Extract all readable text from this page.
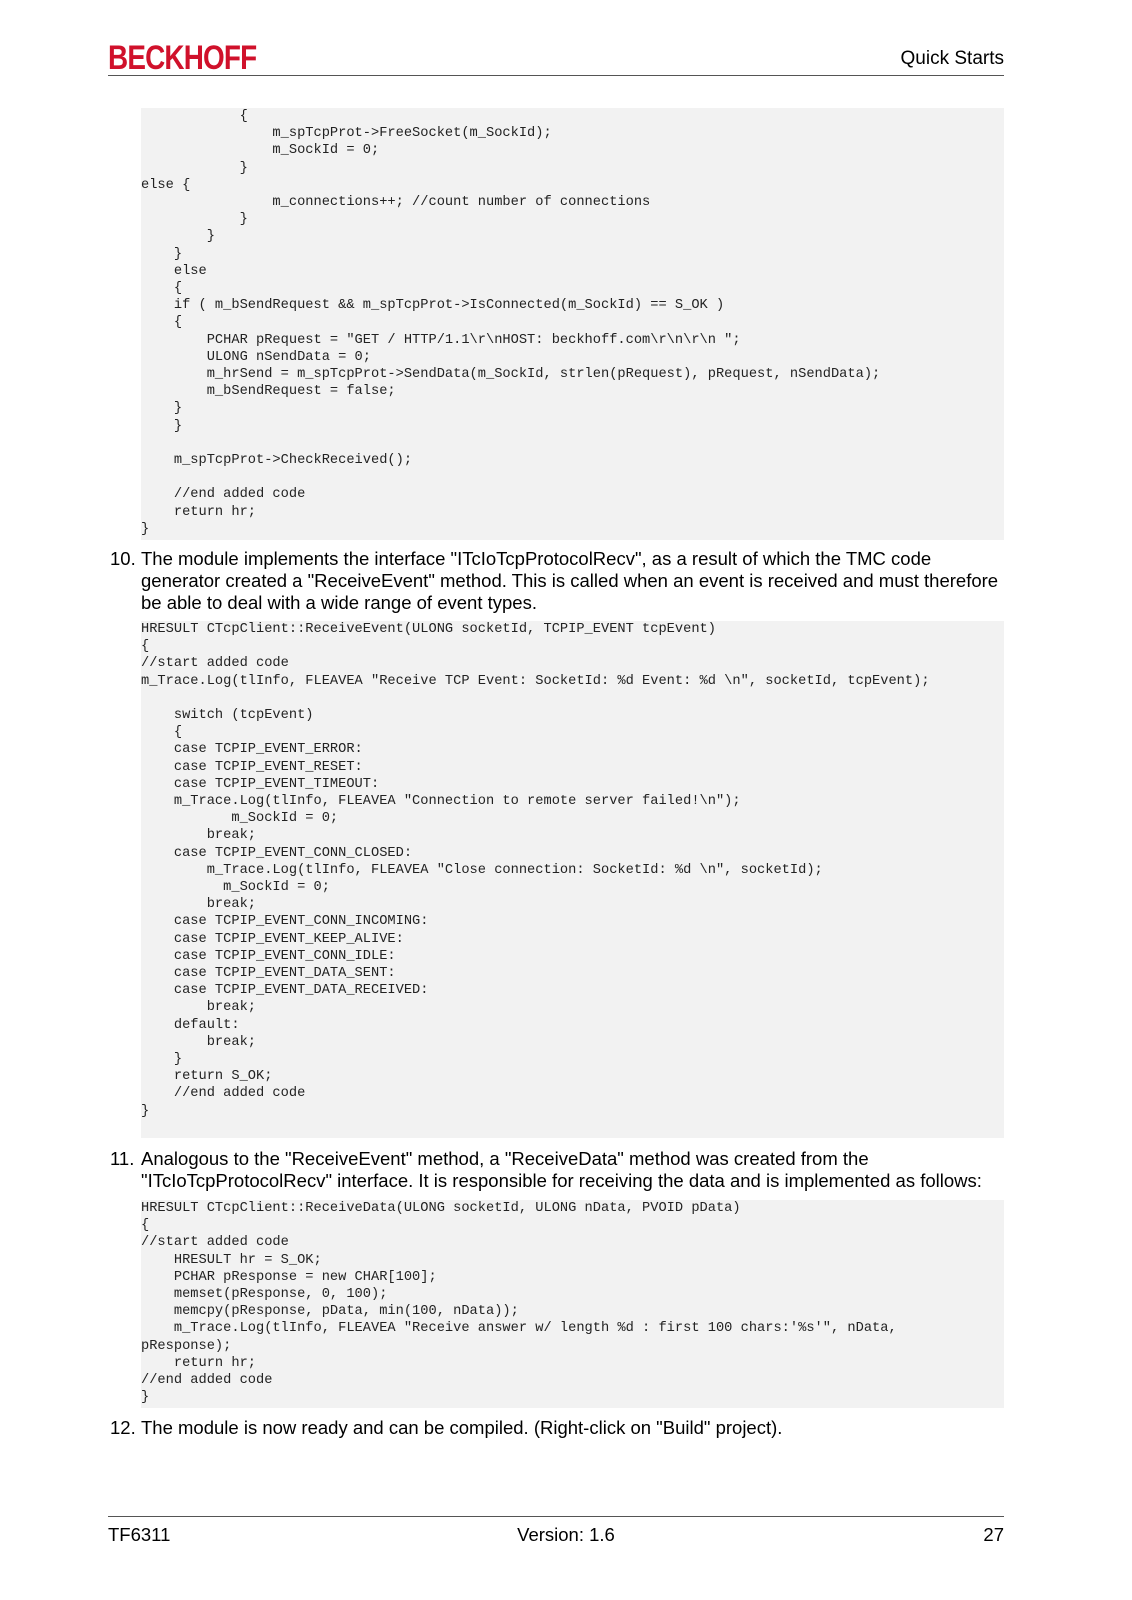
BECKHOFF	Quick Starts
{
m_spTcpProt->FreeSocket(m_SockId);
m_SockId = 0;
}
else {
m_connections++; //count number of connections
}
}
}
else
{
if ( m_bSendRequest && m_spTcpProt->IsConnected(m_SockId) == S_OK )
{
PCHAR pRequest = "GET / HTTP/1.1\r\nHOST: beckhoff.com\r\n\r\n ";
ULONG nSendData = 0;
m_hrSend = m_spTcpProt->SendData(m_SockId, strlen(pRequest), pRequest, nSendData);
m_bSendRequest = false;
}
}

m_spTcpProt->CheckReceived();

//end added code
return hr;
}
10. The module implements the interface "ITcIoTcpProtocolRecv", as a result of which the TMC code generator created a "ReceiveEvent" method. This is called when an event is received and must therefore be able to deal with a wide range of event types.
HRESULT CTcpClient::ReceiveEvent(ULONG socketId, TCPIP_EVENT tcpEvent)
{
//start added code
m_Trace.Log(tlInfo, FLEAVEA "Receive TCP Event: SocketId: %d Event: %d \n", socketId, tcpEvent);

switch (tcpEvent)
{
case TCPIP_EVENT_ERROR:
case TCPIP_EVENT_RESET:
case TCPIP_EVENT_TIMEOUT:
m_Trace.Log(tlInfo, FLEAVEA "Connection to remote server failed!\n");
m_SockId = 0;
break;
case TCPIP_EVENT_CONN_CLOSED:
m_Trace.Log(tlInfo, FLEAVEA "Close connection: SocketId: %d \n", socketId);
m_SockId = 0;
break;
case TCPIP_EVENT_CONN_INCOMING:
case TCPIP_EVENT_KEEP_ALIVE:
case TCPIP_EVENT_CONN_IDLE:
case TCPIP_EVENT_DATA_SENT:
case TCPIP_EVENT_DATA_RECEIVED:
break;
default:
break;
}
return S_OK;
//end added code
}
11. Analogous to the "ReceiveEvent" method, a "ReceiveData" method was created from the "ITcIoTcpProtocolRecv" interface. It is responsible for receiving the data and is implemented as follows:
HRESULT CTcpClient::ReceiveData(ULONG socketId, ULONG nData, PVOID pData)
{
//start added code
HRESULT hr = S_OK;
PCHAR pResponse = new CHAR[100];
memset(pResponse, 0, 100);
memcpy(pResponse, pData, min(100, nData));
m_Trace.Log(tlInfo, FLEAVEA "Receive answer w/ length %d : first 100 chars:'%s'", nData,
pResponse);
return hr;
//end added code
}
12. The module is now ready and can be compiled. (Right-click on "Build" project).
TF6311	Version: 1.6	27
